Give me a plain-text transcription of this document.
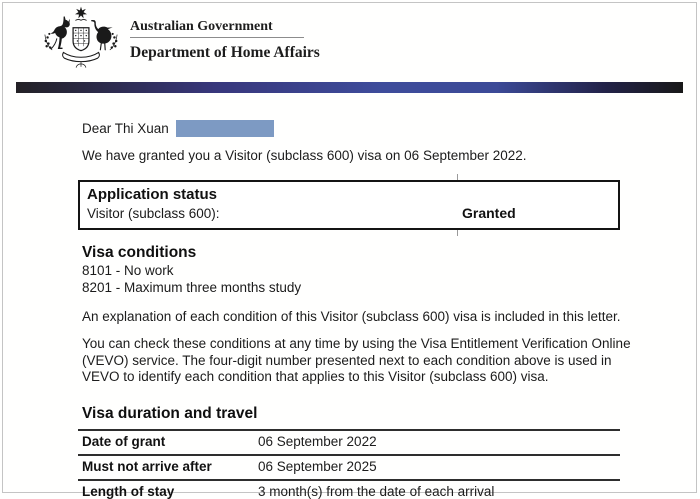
Australian Government
Department of Home Affairs
Dear Thi Xuan
We have granted you a Visitor (subclass 600) visa on 06 September 2022.
Application status
Visitor (subclass 600):	Granted
Visa conditions
8101 - No work
8201 - Maximum three months study
An explanation of each condition of this Visitor (subclass 600) visa is included in this letter.
You can check these conditions at any time by using the Visa Entitlement Verification Online (VEVO) service. The four-digit number presented next to each condition above is used in VEVO to identify each condition that applies to this Visitor (subclass 600) visa.
Visa duration and travel
Date of grant	06 September 2022
Must not arrive after	06 September 2025
Length of stay	3 month(s) from the date of each arrival
